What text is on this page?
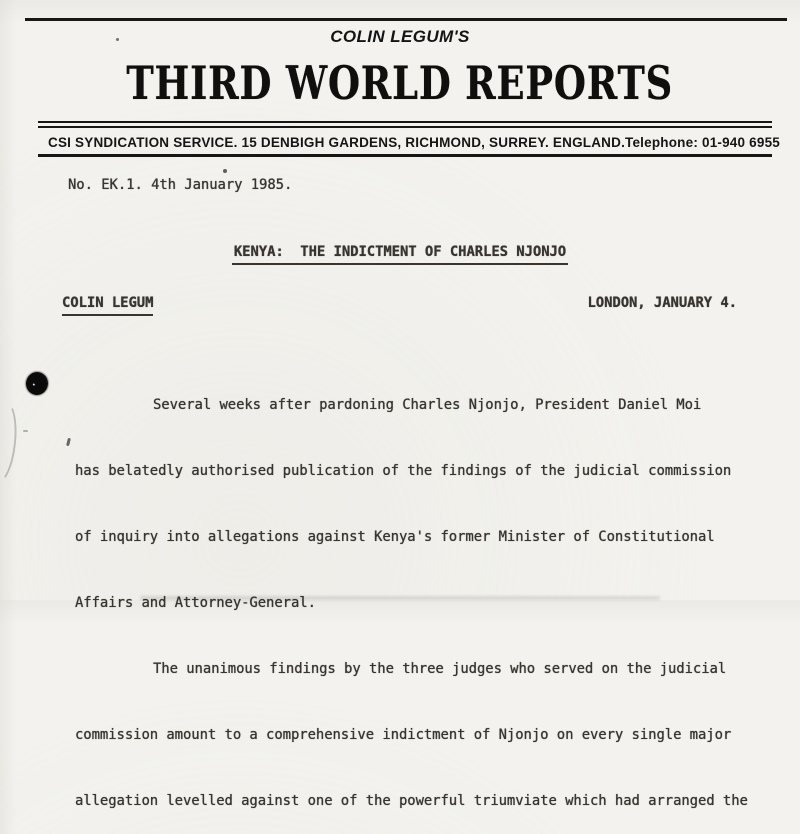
COLIN LEGUM'S
THIRD WORLD REPORTS
CSI SYNDICATION SERVICE. 15 DENBIGH GARDENS, RICHMOND, SURREY. ENGLAND. Telephone: 01-940 6955
No. EK.1. 4th January 1985.
KENYA:  THE INDICTMENT OF CHARLES NJONJO
COLIN LEGUM	LONDON, JANUARY 4.

Several weeks after pardoning Charles Njonjo, President Daniel Moi

has belatedly authorised publication of the findings of the judicial commission

of inquiry into allegations against Kenya's former Minister of Constitutional

Affairs and Attorney-General.

The unanimous findings by the three judges who served on the judicial

commission amount to a comprehensive indictment of Njonjo on every single major

allegation levelled against one of the powerful triumviate which had arranged the
